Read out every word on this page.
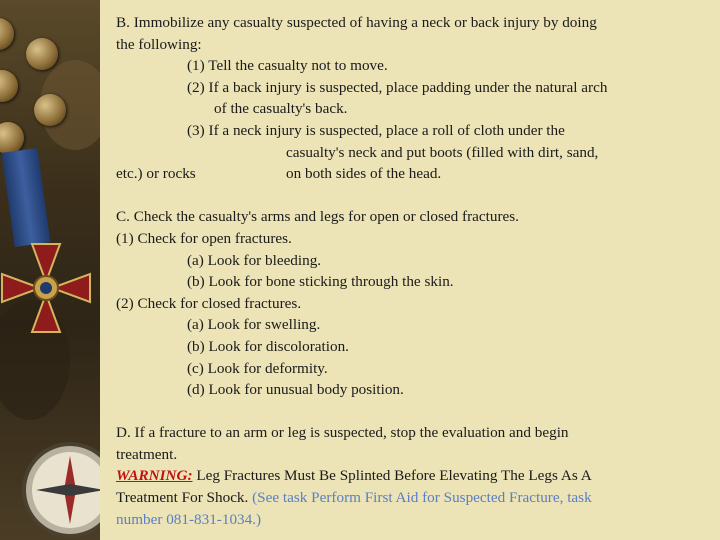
B. Immobilize any casualty suspected of having a neck or back injury by doing
the following:
(1) Tell the casualty not to move.
(2) If a back injury is suspected, place padding under the natural arch
of the casualty's back.
(3) If a neck injury is suspected, place a roll of cloth under the
casualty's neck and put boots (filled with dirt, sand,
etc.) or rocks	on both sides of the head.
C. Check the casualty's arms and legs for open or closed fractures.
(1) Check for open fractures.
(a) Look for bleeding.
(b) Look for bone sticking through the skin.
(2) Check for closed fractures.
(a) Look for swelling.
(b) Look for discoloration.
(c) Look for deformity.
(d) Look for unusual body position.
D. If a fracture to an arm or leg is suspected, stop the evaluation and begin
treatment.
WARNING: Leg Fractures Must Be Splinted Before Elevating The Legs As A
Treatment For Shock. (See task Perform First Aid for Suspected Fracture, task
number 081-831-1034.)
